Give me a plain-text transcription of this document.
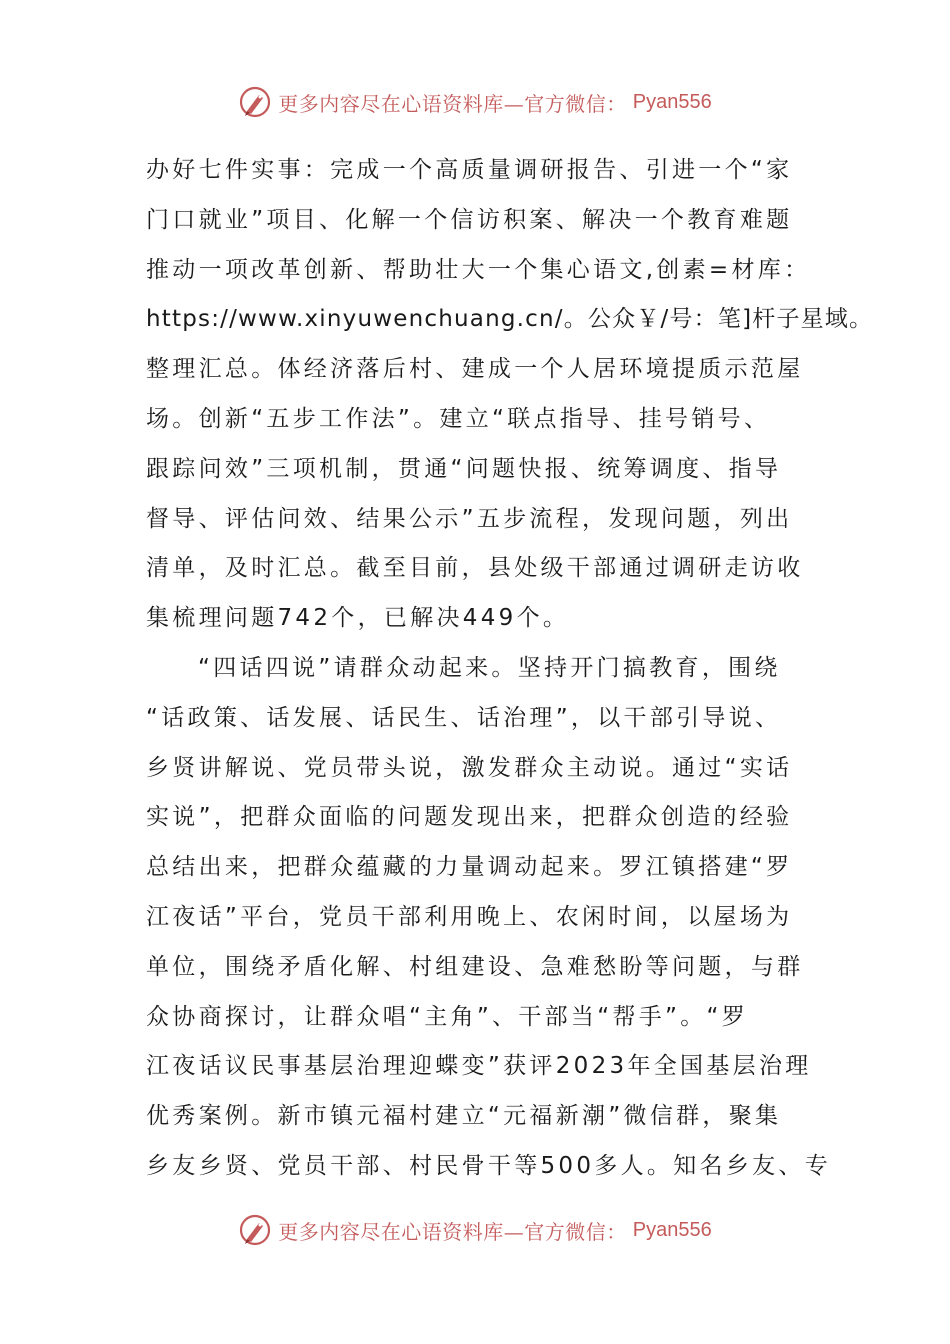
更多内容尽在心语资料库—官方微信： Pyan556
办好七件实事：完成一个高质量调研报告、引进一个“家
门口就业”项目、化解一个信访积案、解决一个教育难题
推动一项改革创新、帮助壮大一个集心语文,创素=材库：
https://www.xinyuwenchuang.cn/。公众￥/号：笔]杆子星域。
整理汇总。体经济落后村、建成一个人居环境提质示范屋
场。创新“五步工作法”。建立“联点指导、挂号销号、
跟踪问效”三项机制，贯通“问题快报、统筹调度、指导
督导、评估问效、结果公示”五步流程，发现问题，列出
清单，及时汇总。截至目前，县处级干部通过调研走访收
集梳理问题742个，已解决449个。
“四话四说”请群众动起来。坚持开门搞教育，围绕
“话政策、话发展、话民生、话治理”，以干部引导说、
乡贤讲解说、党员带头说，激发群众主动说。通过“实话
实说”，把群众面临的问题发现出来，把群众创造的经验
总结出来，把群众蕴藏的力量调动起来。罗江镇搭建“罗
江夜话”平台，党员干部利用晚上、农闲时间，以屋场为
单位，围绕矛盾化解、村组建设、急难愁盼等问题，与群
众协商探讨，让群众唱“主角”、干部当“帮手”。“罗
江夜话议民事基层治理迎蝶变”获评2023年全国基层治理
优秀案例。新市镇元福村建立“元福新潮”微信群，聚集
乡友乡贤、党员干部、村民骨干等500多人。知名乡友、专
更多内容尽在心语资料库—官方微信： Pyan556
